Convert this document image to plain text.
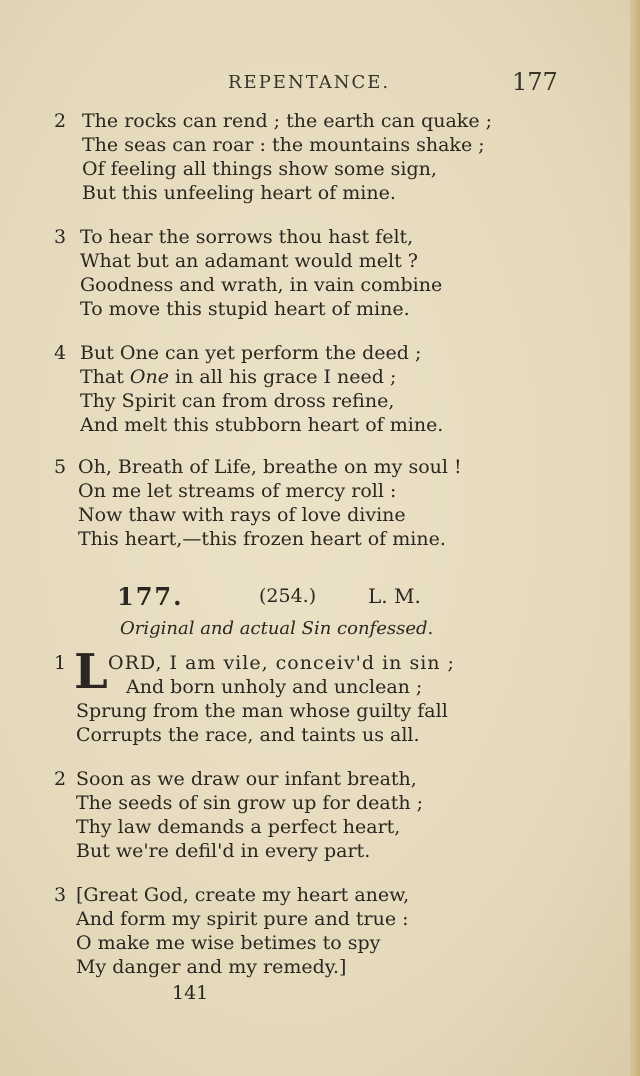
REPENTANCE.	177
2 The rocks can rend ; the earth can quake ;
The seas can roar : the mountains shake ;
Of feeling all things show some sign,
But this unfeeling heart of mine.
3 To hear the sorrows thou hast felt,
What but an adamant would melt ?
Goodness and wrath, in vain combine
To move this stupid heart of mine.
4 But One can yet perform the deed ;
That One in all his grace I need ;
Thy Spirit can from dross refine,
And melt this stubborn heart of mine.
5 Oh, Breath of Life, breathe on my soul !
On me let streams of mercy roll :
Now thaw with rays of love divine
This heart,—this frozen heart of mine.
177.	(254.)	L. M.
Original and actual Sin confessed.
1 L ORD, I am vile, conceiv'd in sin ;
And born unholy and unclean ;
Sprung from the man whose guilty fall
Corrupts the race, and taints us all.
2 Soon as we draw our infant breath,
The seeds of sin grow up for death ;
Thy law demands a perfect heart,
But we're defil'd in every part.
3 [Great God, create my heart anew,
And form my spirit pure and true :
O make me wise betimes to spy
My danger and my remedy.]
141
